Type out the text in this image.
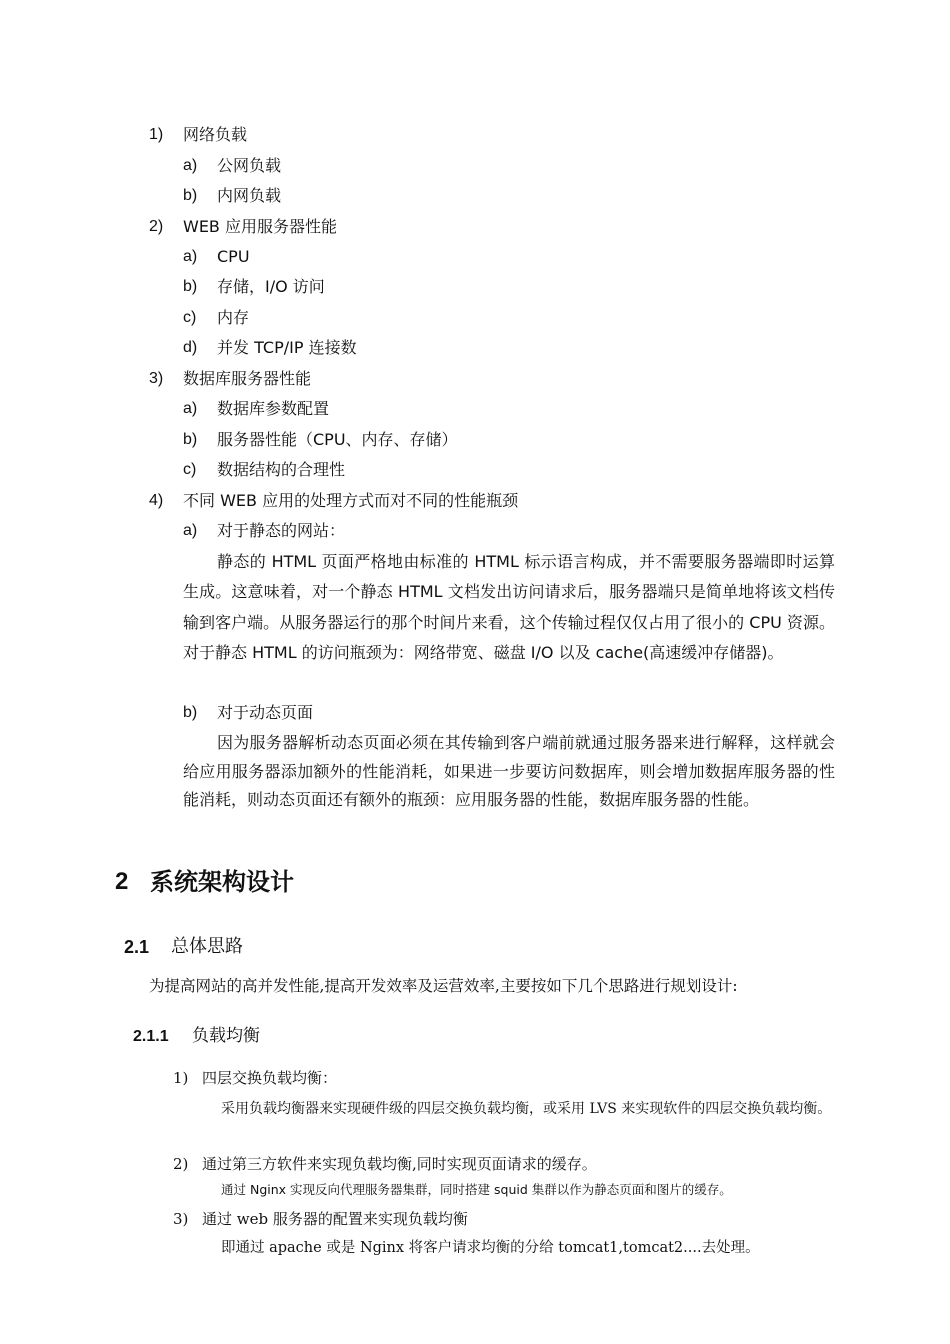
1) 网络负载
a) 公网负载
b) 内网负载
2) WEB 应用服务器性能
a) CPU
b) 存储，I/O 访问
c) 内存
d) 并发 TCP/IP 连接数
3) 数据库服务器性能
a) 数据库参数配置
b) 服务器性能（CPU、内存、存储）
c) 数据结构的合理性
4) 不同 WEB 应用的处理方式而对不同的性能瓶颈
a) 对于静态的网站：
静态的 HTML 页面严格地由标准的 HTML 标示语言构成，并不需要服务器端即时运算生成。这意味着，对一个静态 HTML 文档发出访问请求后，服务器端只是简单地将该文档传输到客户端。从服务器运行的那个时间片来看，这个传输过程仅仅占用了很小的 CPU 资源。对于静态 HTML 的访问瓶颈为：网络带宽、磁盘 I/O 以及 cache(高速缓冲存储器)。
b) 对于动态页面
因为服务器解析动态页面必须在其传输到客户端前就通过服务器来进行解释，这样就会给应用服务器添加额外的性能消耗，如果进一步要访问数据库，则会增加数据库服务器的性能消耗，则动态页面还有额外的瓶颈：应用服务器的性能，数据库服务器的性能。
2 系统架构设计
2.1 总体思路
为提高网站的高并发性能,提高开发效率及运营效率,主要按如下几个思路进行规划设计:
2.1.1 负载均衡
1) 四层交换负载均衡：
采用负载均衡器来实现硬件级的四层交换负载均衡，或采用 LVS 来实现软件的四层交换负载均衡。
2) 通过第三方软件来实现负载均衡,同时实现页面请求的缓存。
通过 Nginx 实现反向代理服务器集群，同时搭建 squid 集群以作为静态页面和图片的缓存。
3) 通过 web 服务器的配置来实现负载均衡
即通过 apache 或是 Nginx 将客户请求均衡的分给 tomcat1,tomcat2....去处理。
